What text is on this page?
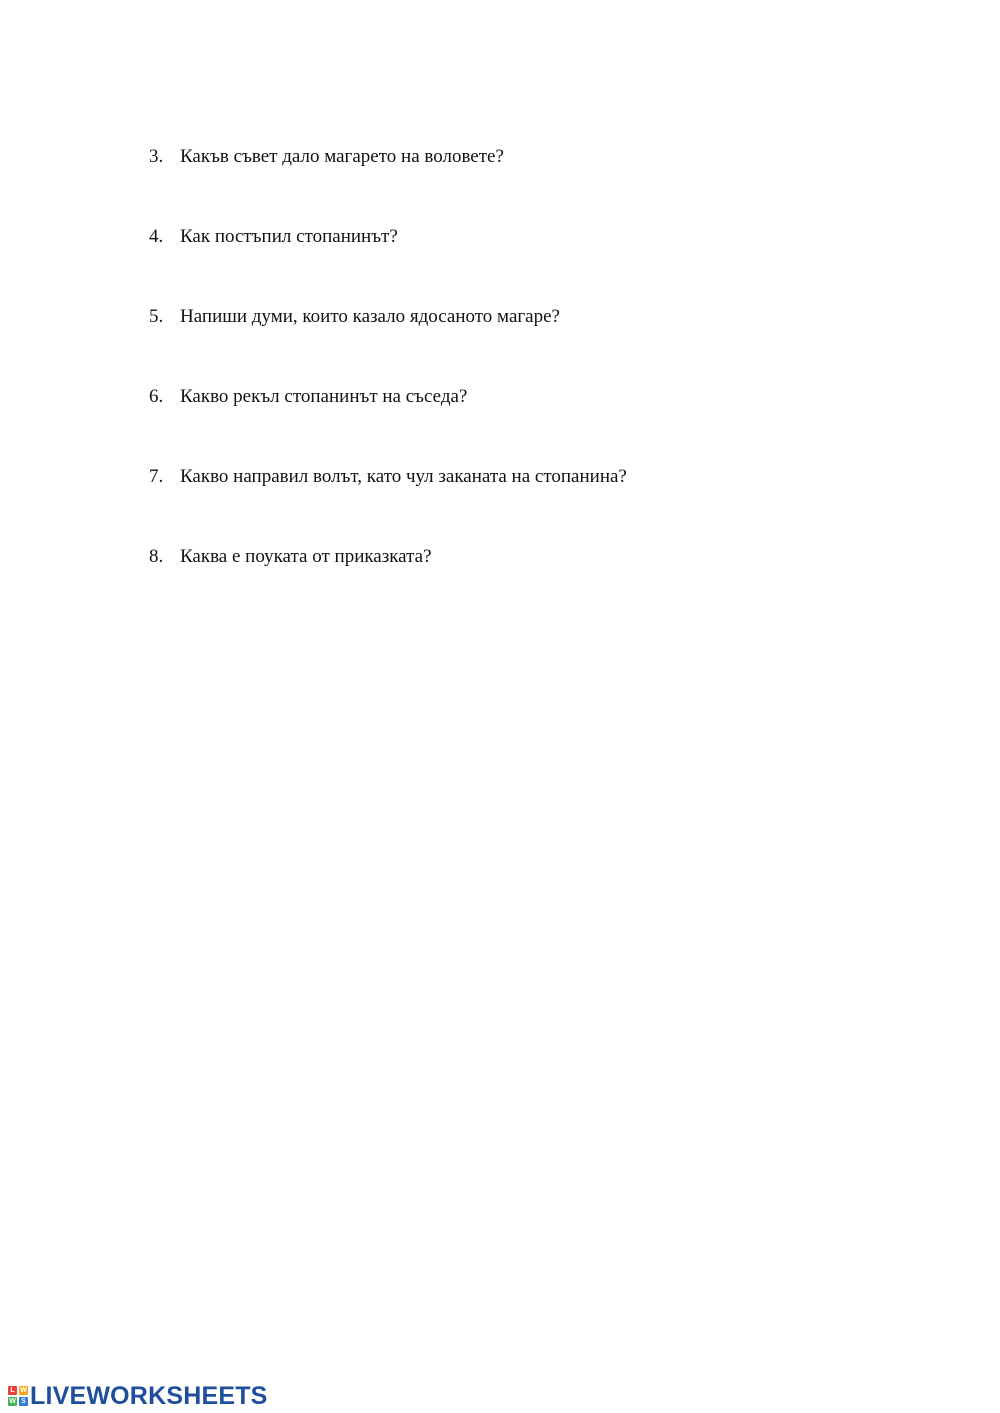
3. Какъв съвет дало магарето на воловете?
4. Как постъпил стопанинът?
5. Напиши думи, които казало ядосаното магаре?
6. Какво рекъл стопанинът на съседа?
7. Какво направил волът, като чул заканата на стопанина?
8. Каква е поуката от приказката?
L W
W S LIVEWORKSHEETS
